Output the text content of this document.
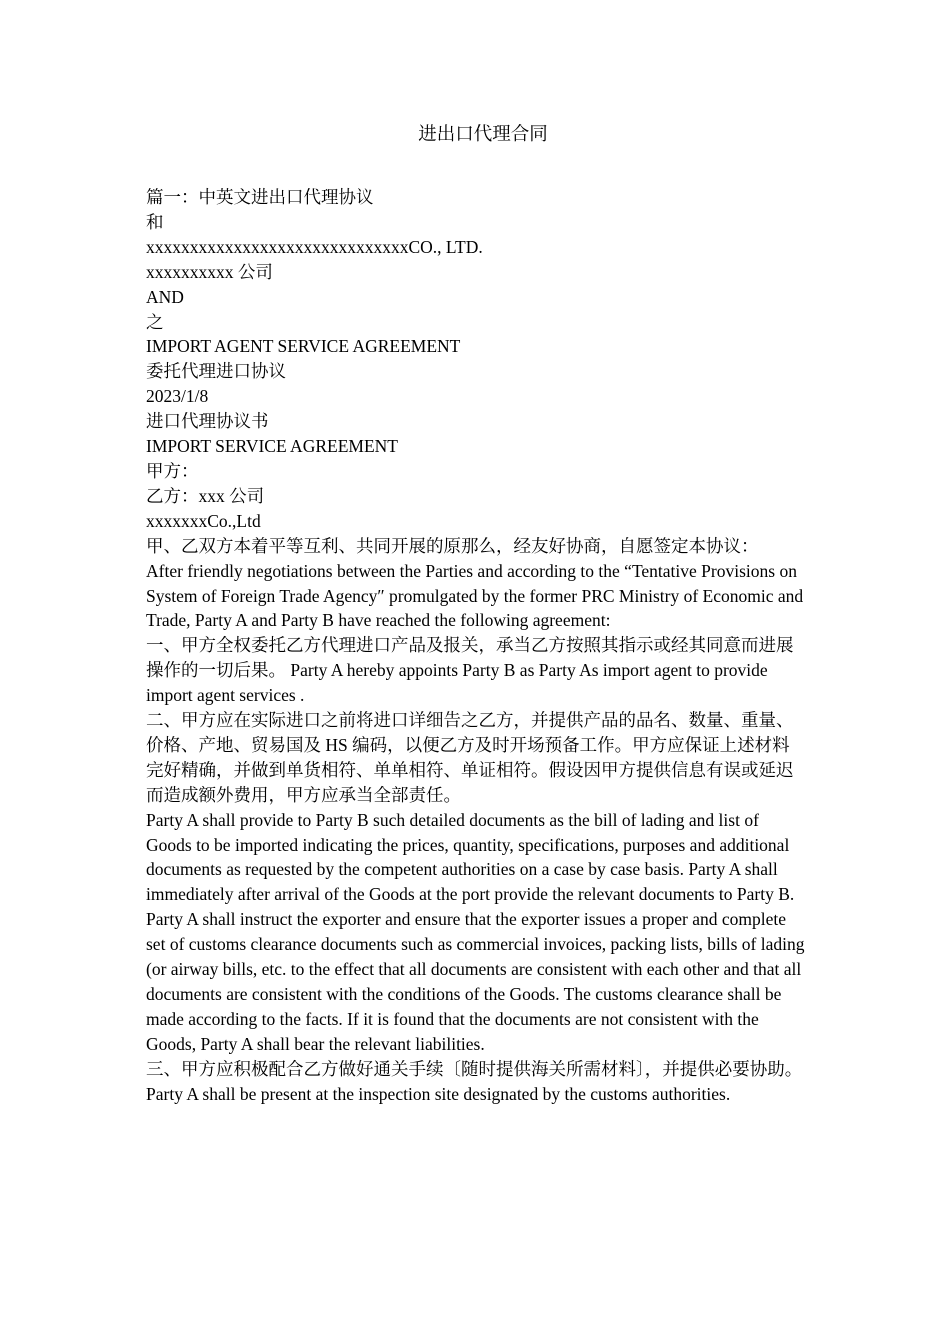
进出口代理合同

篇一：中英文进出口代理协议

和

xxxxxxxxxxxxxxxxxxxxxxxxxxxxxxCO., LTD.

xxxxxxxxxx 公司

AND

之

IMPORT AGENT SERVICE AGREEMENT

委托代理进口协议

2023/1/8

进口代理协议书

IMPORT SERVICE AGREEMENT

甲方：

乙方：xxx 公司

xxxxxxxCo.,Ltd

甲、乙双方本着平等互利、共同开展的原那么，经友好协商，自愿签定本协议：

After friendly negotiations between the Parties and according to the “Tentative Provisions on

System of Foreign Trade Agency″ promulgated by the former PRC Ministry of Economic and

Trade, Party A and Party B have reached the following agreement:

一、甲方全权委托乙方代理进口产品及报关，承当乙方按照其指示或经其同意而进展操作的一切后果。 Party A hereby appoints Party B as Party As import agent to provide import agent services .

二、甲方应在实际进口之前将进口详细告之乙方，并提供产品的品名、数量、重量、价格、产地、贸易国及 HS 编码，以便乙方及时开场预备工作。甲方应保证上述材料完好精确，并做到单货相符、单单相符、单证相符。假设因甲方提供信息有误或延迟而造成额外费用，甲方应承当全部责任。

Party A shall provide to Party B such detailed documents as the bill of lading and list of Goods to be imported indicating the prices, quantity, specifications, purposes and additional documents as requested by the competent authorities on a case by case basis. Party A shall immediately after arrival of the Goods at the port provide the relevant documents to Party B. Party A shall instruct the exporter and ensure that the exporter issues a proper and complete set of customs clearance documents such as commercial invoices, packing lists, bills of lading (or airway bills, etc. to the effect that all documents are consistent with each other and that all documents are consistent with the conditions of the Goods. The customs clearance shall be made according to the facts. If it is found that the documents are not consistent with the Goods, Party A shall bear the relevant liabilities.

三、甲方应积极配合乙方做好通关手续〔随时提供海关所需材料〕，并提供必要协助。

Party A shall be present at the inspection site designated by the customs authorities.
